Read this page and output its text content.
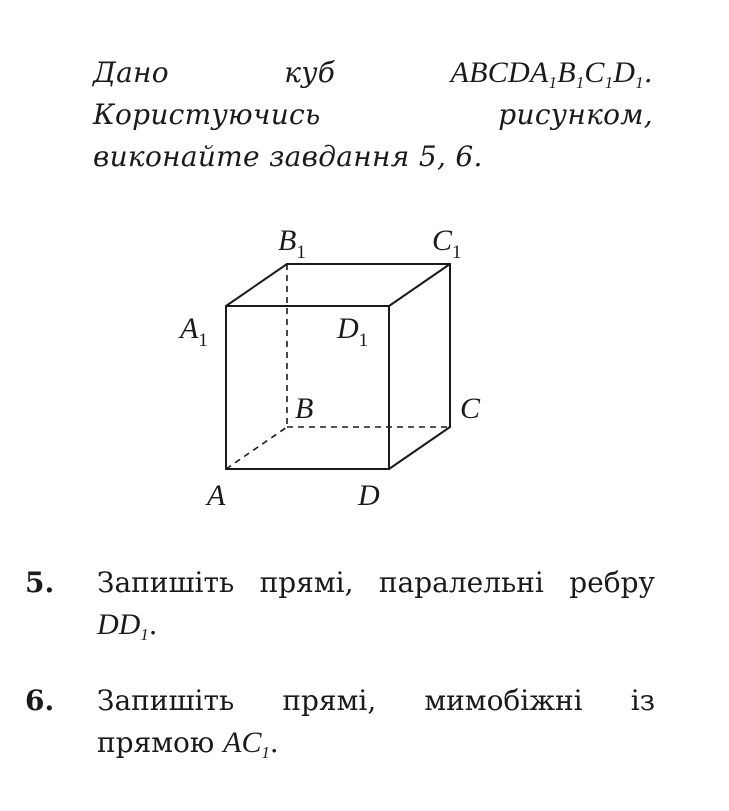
Дано куб	$ABCDA_1B_1C_1D_1$. Користуючись рисунком, виконайте завдання 5, 6.
$B_1$	$C_1$
$A_1$	$D_1$
B	C
A	D
5. Запишіть прямі, паралельні ребру $DD_1$.
6. Запишіть прямі, мимобіжні із прямою $AC_1$.
